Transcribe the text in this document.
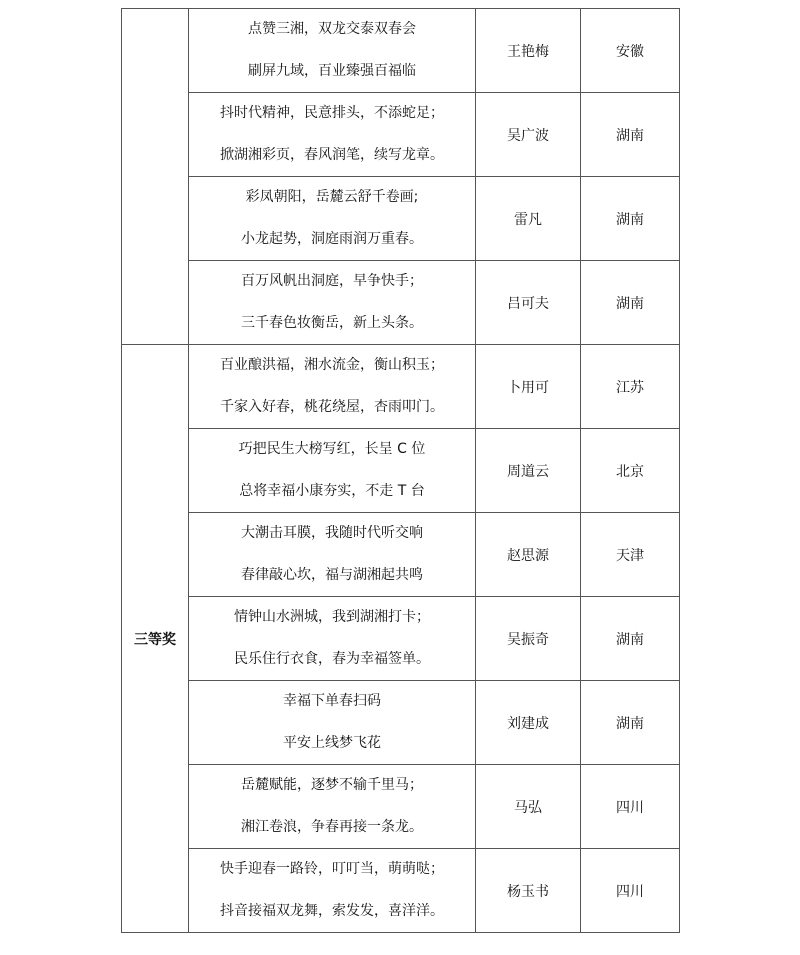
	点赞三湘，双龙交泰双春会
刷屏九域，百业臻强百福临	王艳梅	安徽

	抖时代精神，民意排头，不添蛇足；
掀湖湘彩页，春风润笔，续写龙章。	吴广波	湖南

	彩凤朝阳，岳麓云舒千卷画;
小龙起势，洞庭雨润万重春。	雷凡	湖南

	百万风帆出洞庭，早争快手；
三千春色妆衡岳，新上头条。	吕可夫	湖南
三等奖	百业酿洪福，湘水流金，衡山积玉；
千家入好春，桃花绕屋，杏雨叩门。	卜用可	江苏

	巧把民生大榜写红，长呈 C 位
总将幸福小康夯实，不走 T 台	周道云	北京

	大潮击耳膜，我随时代听交响
春律敲心坎，福与湖湘起共鸣	赵思源	天津

	情钟山水洲城，我到湖湘打卡；
民乐住行衣食，春为幸福签单。	吴振奇	湖南

	幸福下单春扫码
平安上线梦飞花	刘建成	湖南

	岳麓赋能，逐梦不输千里马；
湘江卷浪，争春再接一条龙。	马弘	四川

	快手迎春一路铃，叮叮当，萌萌哒；
抖音接福双龙舞，索发发，喜洋洋。	杨玉书	四川
